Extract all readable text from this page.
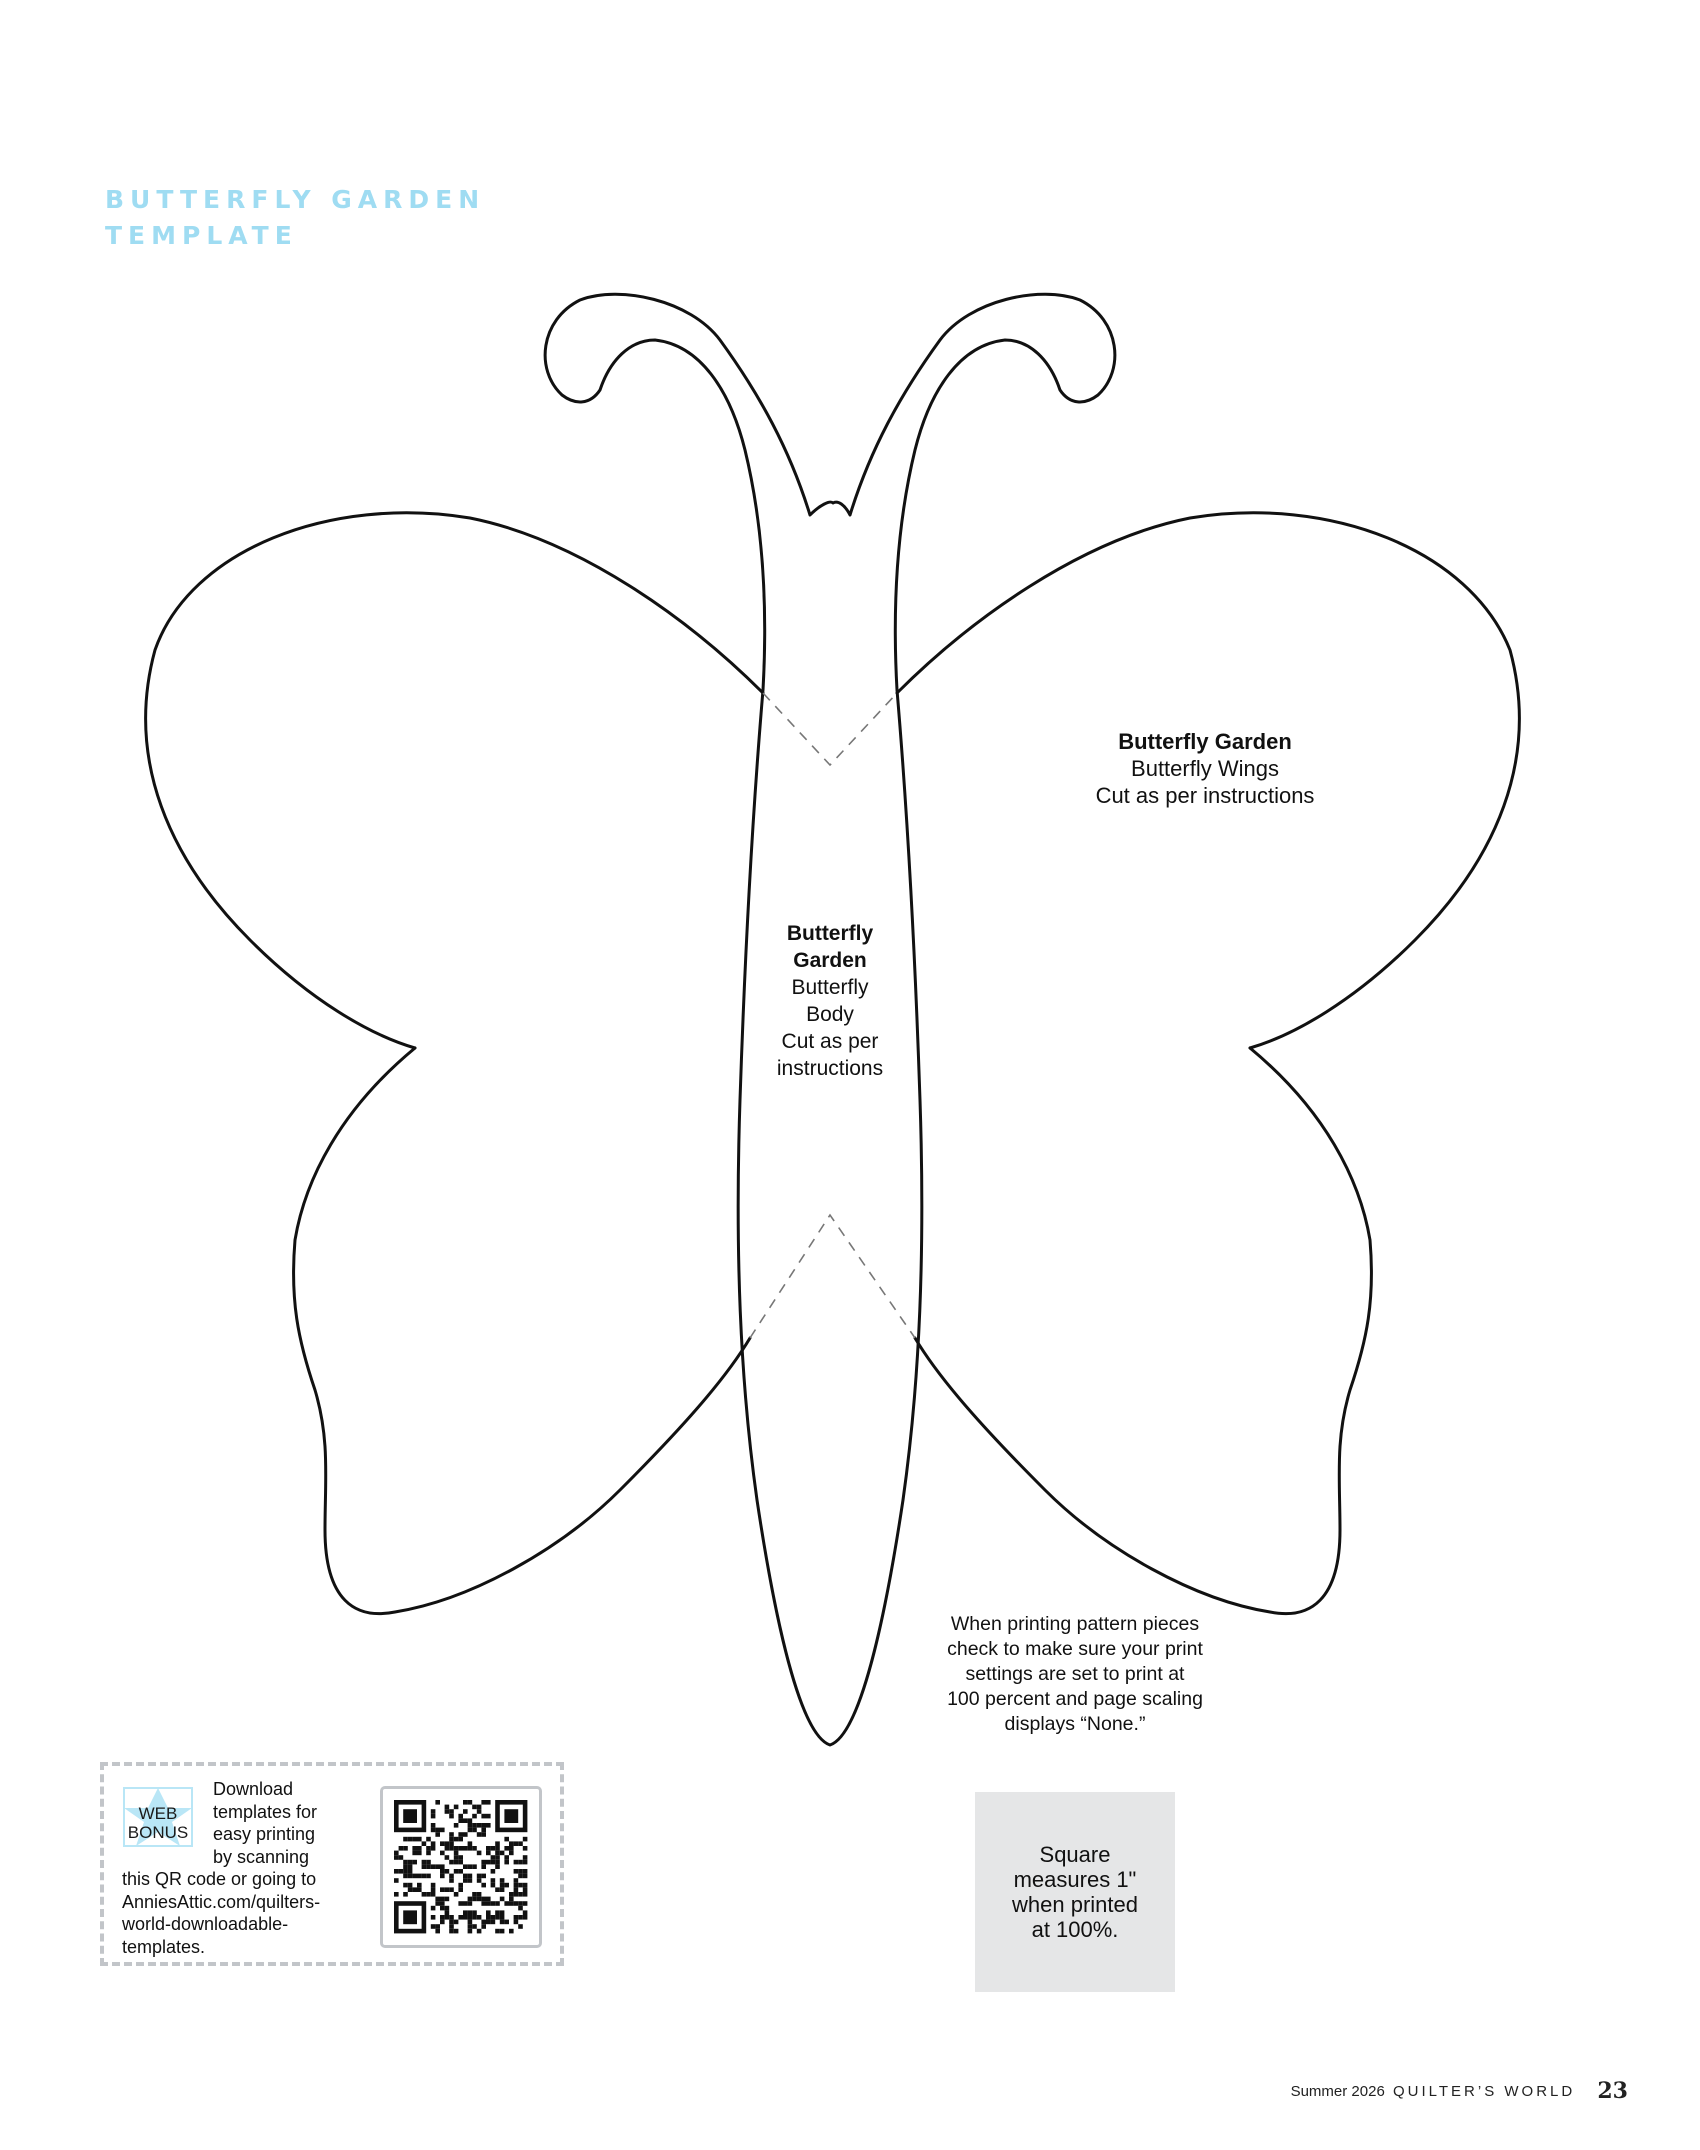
BUTTERFLY GARDEN
TEMPLATE
Butterfly Garden
Butterfly Wings
Cut as per instructions
Butterfly
Garden
Butterfly
Body
Cut as per
instructions
When printing pattern pieces
check to make sure your print
settings are set to print at
100 percent and page scaling
displays “None.”
Square
measures 1"
when printed
at 100%.
WEB
BONUS
Download
templates for
easy printing
by scanning
this QR code or going to
AnniesAttic.com/quilters-
world-downloadable-
templates.
Summer 2026 QUILTER’S WORLD 23
